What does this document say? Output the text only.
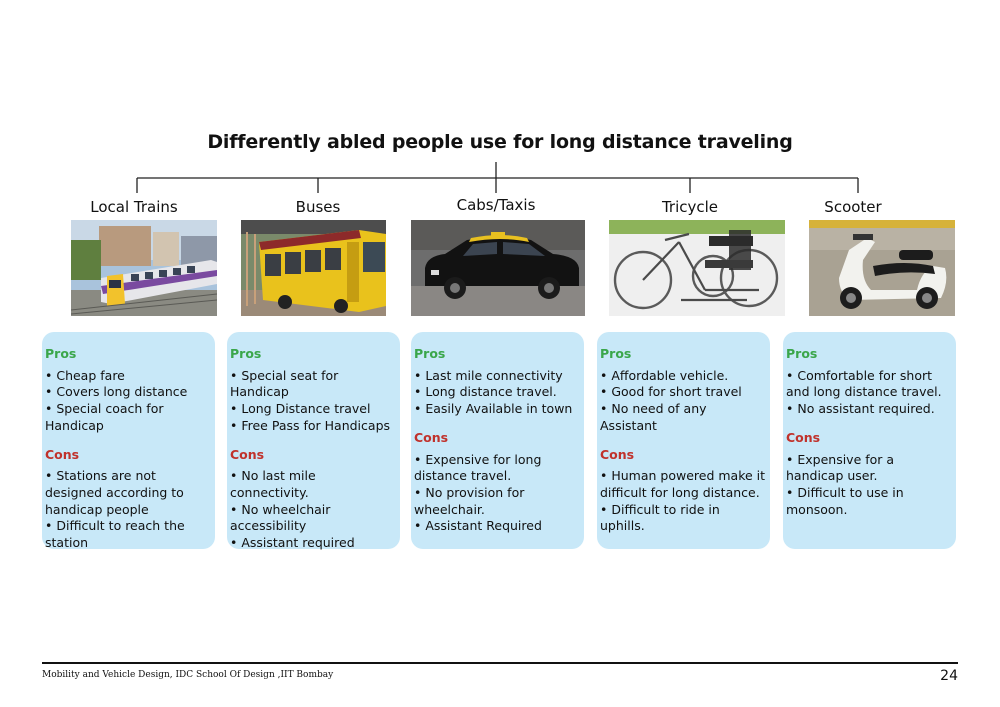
Differently abled people use for long distance traveling
Local Trains	Buses	Cabs/Taxis	Tricycle	Scooter
Pros
• Cheap fare
• Covers long distance
• Special coach for Handicap
Cons
• Stations are not designed according to handicap people
• Difficult to reach the station
Pros
• Special seat for Handicap
• Long Distance travel
• Free Pass for Handicaps
Cons
• No last mile connectivity.
• No wheelchair accessibility
• Assistant required
Pros
• Last mile connectivity
• Long distance travel.
• Easily Available in town
Cons
• Expensive for long distance travel.
• No provision for wheelchair.
• Assistant Required
Pros
• Affordable vehicle.
• Good for short travel
• No need of any Assistant
Cons
• Human powered make it difficult for long distance.
• Difficult to ride in uphills.
Pros
• Comfortable for short and long distance travel.
• No assistant required.
Cons
• Expensive for a handicap user.
• Difficult to use in monsoon.
Mobility and Vehicle Design, IDC School Of Design ,IIT Bombay	24
